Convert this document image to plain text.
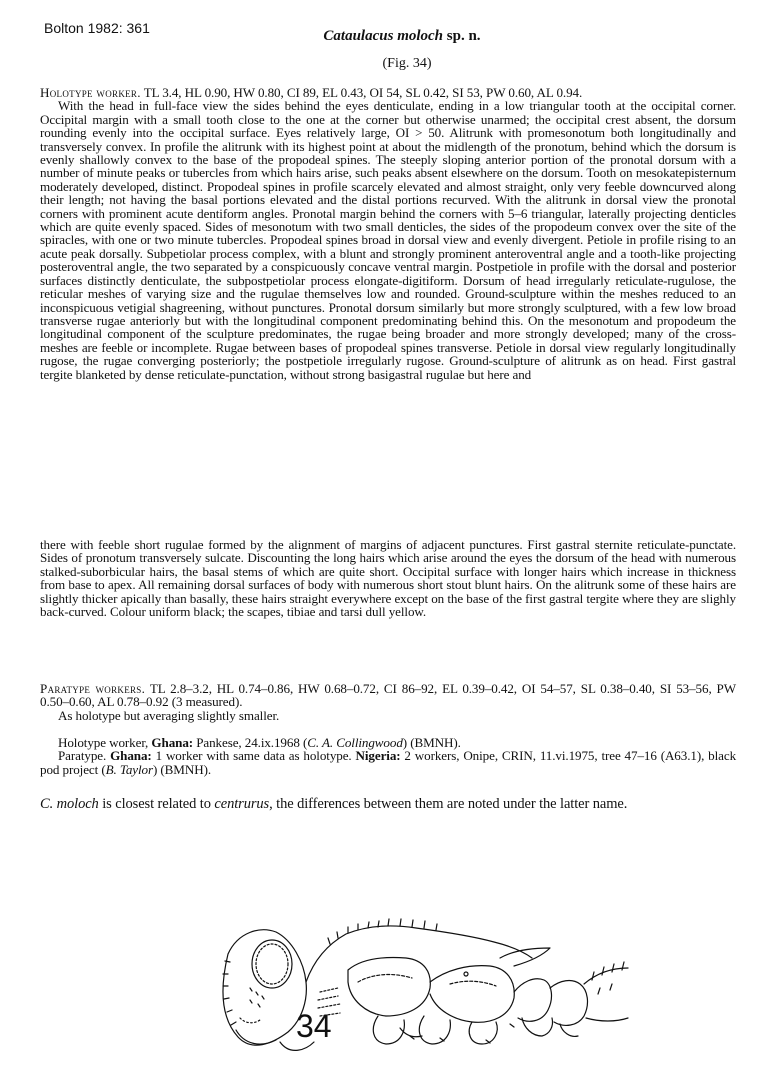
Bolton 1982: 361	Cataulacus moloch sp. n.
(Fig. 34)

Holotype worker. TL 3.4, HL 0.90, HW 0.80, CI 89, EL 0.43, OI 54, SL 0.42, SI 53, PW 0.60, AL 0.94.

With the head in full-face view the sides behind the eyes denticulate, ending in a low triangular tooth at the occipital corner. Occipital margin with a small tooth close to the one at the corner but otherwise unarmed; the occipital crest absent, the dorsum rounding evenly into the occipital surface. Eyes relatively large, OI > 50. Alitrunk with promesonotum both longitudinally and transversely convex. In profile the alitrunk with its highest point at about the midlength of the pronotum, behind which the dorsum is evenly shallowly convex to the base of the propodeal spines. The steeply sloping anterior portion of the pronotal dorsum with a number of minute peaks or tubercles from which hairs arise, such peaks absent elsewhere on the dorsum. Tooth on mesokatepisternum moderately developed, distinct. Propodeal spines in profile scarcely elevated and almost straight, only very feeble downcurved along their length; not having the basal portions elevated and the distal portions recurved. With the alitrunk in dorsal view the pronotal corners with prominent acute dentiform angles. Pronotal margin behind the corners with 5–6 triangular, laterally projecting denticles which are quite evenly spaced. Sides of mesonotum with two small denticles, the sides of the propodeum convex over the site of the spiracles, with one or two minute tubercles. Propodeal spines broad in dorsal view and evenly divergent. Petiole in profile rising to an acute peak dorsally. Subpetiolar process complex, with a blunt and strongly prominent anteroventral angle and a tooth-like projecting posteroventral angle, the two separated by a conspicuously concave ventral margin. Postpetiole in profile with the dorsal and posterior surfaces distinctly denticulate, the subpostpetiolar process elongate-digitiform. Dorsum of head irregularly reticulate-rugulose, the reticular meshes of varying size and the rugulae themselves low and rounded. Ground-sculpture within the meshes reduced to an inconspicuous vetigial shagreening, without punctures. Pronotal dorsum similarly but more strongly sculptured, with a few low broad transverse rugae anteriorly but with the longitudinal component predominating behind this. On the mesonotum and propodeum the longitudinal component of the sculpture predominates, the rugae being broader and more strongly developed; many of the cross-meshes are feeble or incomplete. Rugae between bases of propodeal spines transverse. Petiole in dorsal view regularly longitudinally rugose, the rugae converging posteriorly; the postpetiole irregularly rugose. Ground-sculpture of alitrunk as on head. First gastral tergite blanketed by dense reticulate-punctation, without strong basigastral rugulae but here and

there with feeble short rugulae formed by the alignment of margins of adjacent punctures. First gastral sternite reticulate-punctate. Sides of pronotum transversely sulcate. Discounting the long hairs which arise around the eyes the dorsum of the head with numerous stalked-suborbicular hairs, the basal stems of which are quite short. Occipital surface with longer hairs which increase in thickness from base to apex. All remaining dorsal surfaces of body with numerous short stout blunt hairs. On the alitrunk some of these hairs are slightly thicker apically than basally, these hairs straight everywhere except on the base of the first gastral tergite where they are slighly back-curved. Colour uniform black; the scapes, tibiae and tarsi dull yellow.

Paratype workers. TL 2.8–3.2, HL 0.74–0.86, HW 0.68–0.72, CI 86–92, EL 0.39–0.42, OI 54–57, SL 0.38–0.40, SI 53–56, PW 0.50–0.60, AL 0.78–0.92 (3 measured).

As holotype but averaging slightly smaller.

Holotype worker, Ghana: Pankese, 24.ix.1968 (C. A. Collingwood) (BMNH).

Paratype. Ghana: 1 worker with same data as holotype. Nigeria: 2 workers, Onipe, CRIN, 11.vi.1975, tree 47–16 (A63.1), black pod project (B. Taylor) (BMNH).

C. moloch is closest related to centrurus, the differences between them are noted under the latter name.

34
